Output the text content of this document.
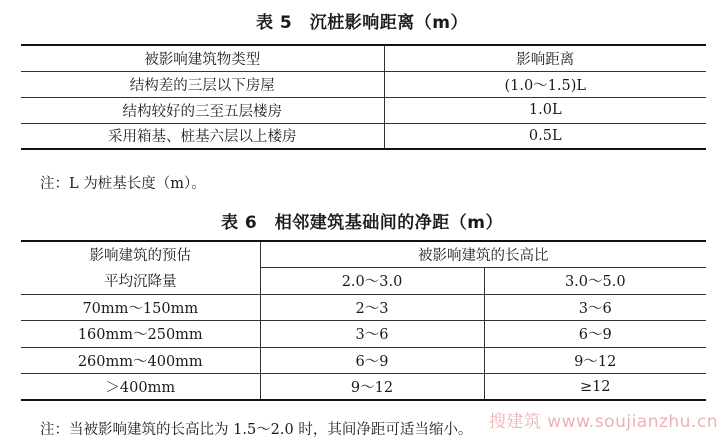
表 5　沉桩影响距离（m）
被影响建筑物类型	影响距离
结构差的三层以下房屋	(1.0～1.5)L
结构较好的三至五层楼房	1.0L
采用箱基、桩基六层以上楼房	0.5L
注：L 为桩基长度（m）。
表 6　相邻建筑基础间的净距（m）
影响建筑的预估	被影响建筑的长高比	
平均沉降量	2.0～3.0	3.0～5.0
70mm～150mm	2～3	3～6
160mm～250mm	3～6	6～9
260mm～400mm	6～9	9～12
＞400mm	9～12	≥12
注：当被影响建筑的长高比为 1.5～2.0 时，其间净距可适当缩小。 搜建筑 www.soujianzhu.cn
